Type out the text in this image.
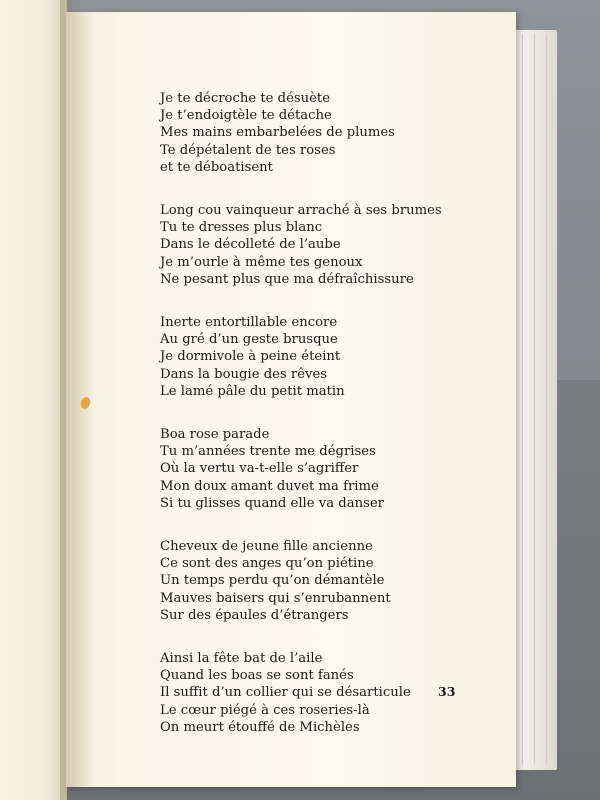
Je te décroche te désuète
Je t’endoigtèle te détache
Mes mains embarbelées de plumes
Te dépétalent de tes roses
et te déboatisent
Long cou vainqueur arraché à ses brumes
Tu te dresses plus blanc
Dans le décolleté de l’aube
Je m’ourle à même tes genoux
Ne pesant plus que ma défraîchissure
Inerte entortillable encore
Au gré d’un geste brusque
Je dormivole à peine éteint
Dans la bougie des rêves
Le lamé pâle du petit matin
Boa rose parade
Tu m’années trente me dégrises
Où la vertu va-t-elle s’agriffer
Mon doux amant duvet ma frime
Si tu glisses quand elle va danser
Cheveux de jeune fille ancienne
Ce sont des anges qu’on piétine
Un temps perdu qu’on démantèle
Mauves baisers qui s’enrubannent
Sur des épaules d’étrangers
Ainsi la fête bat de l’aile
Quand les boas se sont fanés
Il suffit d’un collier qui se désarticule
Le cœur piégé à ces roseries-là
On meurt étouffé de Michèles
33
